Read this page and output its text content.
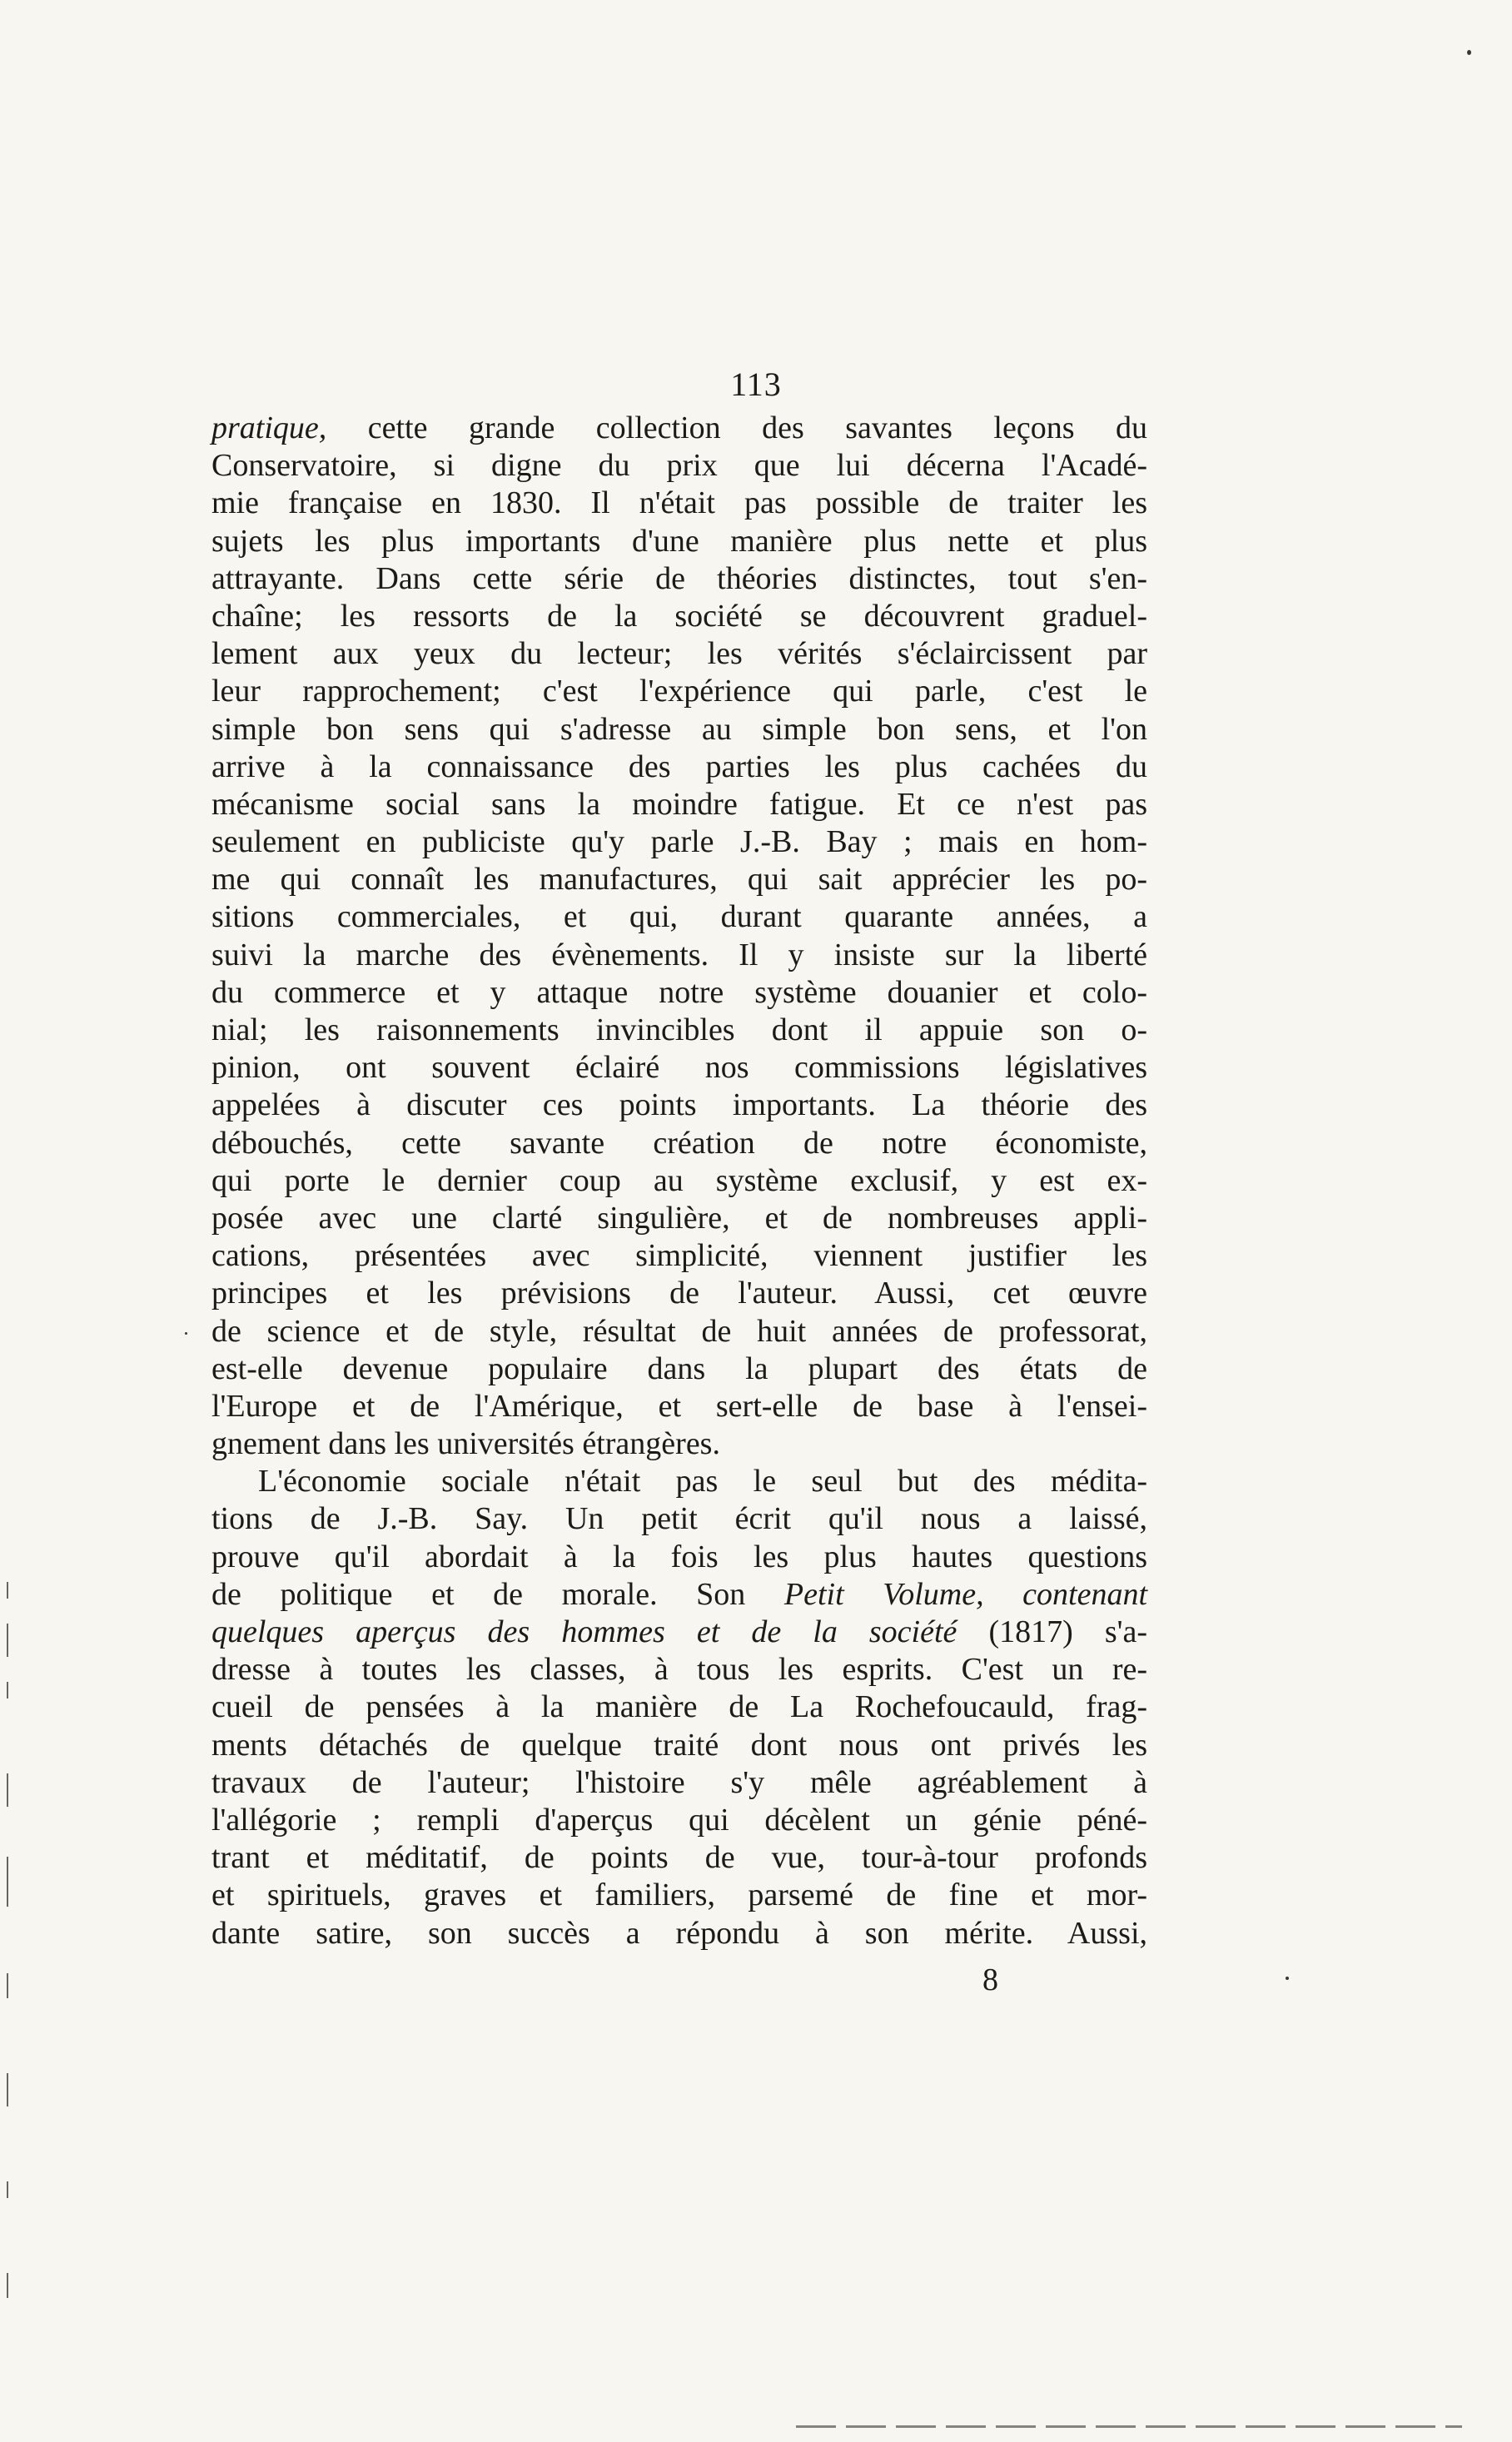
113

pratique, cette grande collection des savantes leçons du
Conservatoire, si digne du prix que lui décerna l'Acadé-
mie française en 1830. Il n'était pas possible de traiter les
sujets les plus importants d'une manière plus nette et plus
attrayante. Dans cette série de théories distinctes, tout s'en-
chaîne; les ressorts de la société se découvrent graduel-
lement aux yeux du lecteur; les vérités s'éclaircissent par
leur rapprochement; c'est l'expérience qui parle, c'est le
simple bon sens qui s'adresse au simple bon sens, et l'on
arrive à la connaissance des parties les plus cachées du
mécanisme social sans la moindre fatigue. Et ce n'est pas
seulement en publiciste qu'y parle J.-B. Bay ; mais en hom-
me qui connaît les manufactures, qui sait apprécier les po-
sitions commerciales, et qui, durant quarante années, a
suivi la marche des évènements. Il y insiste sur la liberté
du commerce et y attaque notre système douanier et colo-
nial; les raisonnements invincibles dont il appuie son o-
pinion, ont souvent éclairé nos commissions législatives
appelées à discuter ces points importants. La théorie des
débouchés, cette savante création de notre économiste,
qui porte le dernier coup au système exclusif, y est ex-
posée avec une clarté singulière, et de nombreuses appli-
cations, présentées avec simplicité, viennent justifier les
principes et les prévisions de l'auteur. Aussi, cet œuvre
de science et de style, résultat de huit années de professorat,
est-elle devenue populaire dans la plupart des états de
l'Europe et de l'Amérique, et sert-elle de base à l'ensei-
gnement dans les universités étrangères.
L'économie sociale n'était pas le seul but des médita-
tions de J.-B. Say. Un petit écrit qu'il nous a laissé,
prouve qu'il abordait à la fois les plus hautes questions
de politique et de morale. Son Petit Volume, contenant
quelques aperçus des hommes et de la société (1817) s'a-
dresse à toutes les classes, à tous les esprits. C'est un re-
cueil de pensées à la manière de La Rochefoucauld, frag-
ments détachés de quelque traité dont nous ont privés les
travaux de l'auteur; l'histoire s'y mêle agréablement à
l'allégorie ; rempli d'aperçus qui décèlent un génie péné-
trant et méditatif, de points de vue, tour-à-tour profonds
et spirituels, graves et familiers, parsemé de fine et mor-
dante satire, son succès a répondu à son mérite. Aussi,

8
